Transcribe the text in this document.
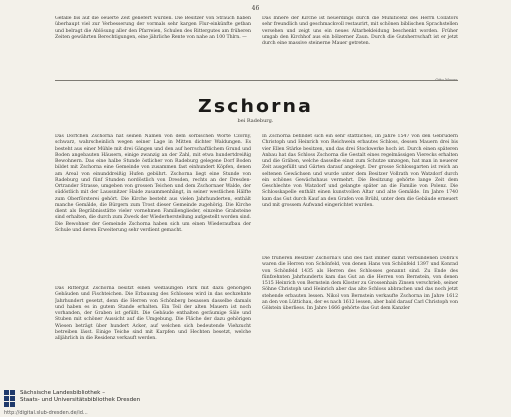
46

Gefälle bis auf die oeuerte Zeit geliefert wurden. Die Besitzer von Strauch haben überhaupt viel zur Verbesserung der vormals sehr kargen Flur-einkünfte getban und belragt die Ablösung aller den Pfarreien, Schulen des Rittergutes am früheren Zeiten gewährten Berechtigungen, eine jährliche Rente von nahe an 100 Thlrn. —

Das Innere der Kirche ist neuerdings durch die Munificenz des Herrn Collators sehr freundlich und geschmackvoll restaurirt, mit schönen biblischen Sprachstellen versehen und zeigt uns ein neues Altarbekleidung beschenkt worden. Früher umgab den Kirchhof aus ein bölzerner Zaun. Durch die Gutsherrschaft ist er jetzt durch eine massive steinerne Mauer getreten.

Otto Moser.
Zschorna
bei Radeburg.

Das Dörfchen Zschorna hat seinen Namen von dem sorbischen Worte Czorny, schwarz, wahrscheinlich wegen seiner Lage in Mitten dichter Waldungen. Es besteht aus einer Mühle mit drei Gängen und den auf herrschaftlichem Grund und Boden angebauten Häusern, einige zwanzig an der Zahl, mit etwa hundertdreißig Bewohnern. Das eine halbe Stunde östlicher von Radeburg gelegene Dorf Boden bildet mit Zschorna eine Gemeinde von zusammen fast einhundert Köpfen, denen am Areal von einunddreißig Hufen gebührt. Zschorna liegt eine Stunde von Radeburg und fünf Stunden nordöstlich von Dresden, rechts an der Dresden-Ortrander Strasse, umgeben von grossen Teichen und dem Zschornaer Walde, der südöstlich mit der Laussnitzer Haide zusammenhängt, in seiner westlichen Hälfte zum Oberförsterei gehört. Die Kirche besteht aus vielen Jahrhunderten, enthält manche Gemälde, die Bürgern zum Trost dieser Gemeinde zugehörig. Die Kirche dient als Begräbnisstätte vieler vornehmen Familienglieder, einzelne Grabsteine sind erhalten, die durch zum Zweck der Wiederherstellung aufgestellt worden sind. Die Bewohner der Gemeinde Zschorna haben sich um einen Wiederaufbau der Schule und deren Erweiterung sehr verdient gemacht.

Das Rittergut Zschorna besitzt einen weitläufigen Park mit dazu gehörigen Gebäuden und Fischteichen. Die Erbauung des Schlosses wird in das sechzehnte Jahrhundert gesetzt, denn die Herren von Schönberg besassen dasselbe damals und haben es in gutem Stande erhalten. Ein Teil der alten Mauern ist noch vorhanden, der Graben ist gefüllt. Die Gebäude enthalten geräumige Säle und Stuben mit schöner Aussicht auf die Umgebung. Die Fläche der dazu gehörigen Wiesen beträgt über hundert Acker, auf welchen sich bedeutende Viehzucht betreiben lässt. Einige Teiche sind mit Karpfen und Hechten besetzt, welche alljährlich in die Residenz verkauft werden.

In Zschorna befindet sich ein sehr stattliches, im Jahre 1547 von den Gebrüdern Christoph und Heinrich von Reichwein erbautes Schloss, dessen Mauern drei bis vier Ellen Stärke besitzen, und das drei Stockwerke hoch ist. Durch einen späteren Anbau hat das Schloss Zschorna die Gestalt eines regelmässigen Vierecks erhalten und die Gräben, welche dasselbe einst zum Schutze umzogen, hat man in neuerer Zeit ausgefüllt und Gärten darauf angelegt. Der grosse Schlossgarten ist reich an seltenen Gewächsen und wurde unter dem Besitzer Vollrath von Watzdorf durch ein schönes Gewächshaus vermehrt. Die Besitzung gehörte lange Zeit dem Geschlechte von Watzdorf und gelangte später an die Familie von Polenz. Die Schlosskapelle enthält einen kunstvollen Altar und alte Gemälde. Im Jahre 1740 kam das Gut durch Kauf an den Grafen von Brühl, unter dem die Gebäude erneuert und mit grossem Aufwand eingerichtet wurden.

Die früheren Besitzer Zschorna's und des fast immer damit verbundenen Dobra's waren die Herren von Schönfeld, von denen Hans von Schönfeld 1397 und Konrad von Schönfeld 1435 als Herren des Schlosses genannt sind. Zu Ende des fünfzehnten Jahrhunderts kam das Gut an die Herren von Bernstein, von denen 1515 Heinrich von Bernstein dem Kloster zu Grossenhain Zinsen verschrieb, seiner Söhne Christoph und Heinrich aber das alte Schloss abbrachen und das noch jetzt stehende erbauten lessen. Nikol von Bernstein verkaufte Zschorna im Jahre 1612 an den von Lüttichau, der es nach 1612 lessen, aber bald darauf Carl Christoph von Gölstein überliess. Im Jahre 1666 gehörte das Gut dem Kanzler

Sächsische Landesbibliothek –
Staats- und Universitätsbibliothek Dresden
http://digital.slub-dresden.de/id...
